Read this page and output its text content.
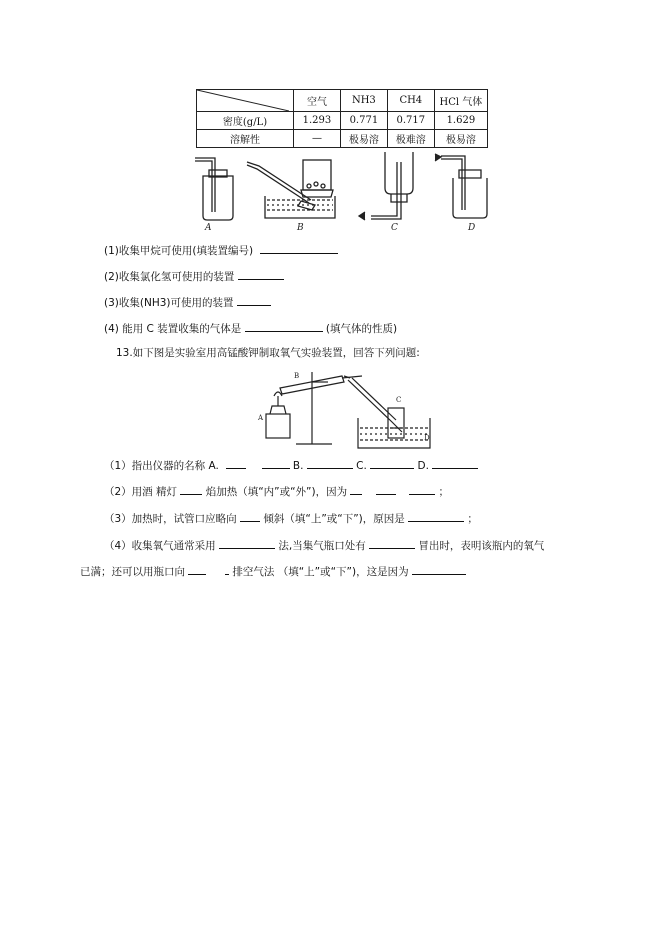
	空气	NH3	CH4	HCl 气体
密度(g/L)	1.293	0.771	0.717	1.629
溶解性	—	极易溶	极难溶	极易溶
A	B	C	D
(1)收集甲烷可使用(填装置编号)
(2)收集氯化氢可使用的装置
(3)收集(NH3)可使用的装置
(4) 能用 C 装置收集的气体是	(填气体的性质)
13.如下图是实验室用高锰酸钾制取氧气实验装置，回答下列问题:
A
B
C
D
（1）指出仪器的名称 A.	B.	C.	D.
（2）用酒 精灯	焰加热（填“内”或“外”)，因为	；
（3）加热时，试管口应略向	倾斜（填“上”或“下”)，原因是	；
（4）收集氧气通常采用	法,当集气瓶口处有	冒出时，表明该瓶内的氧气
已满；还可以用瓶口向	排空气法 （填“上”或“下”)，这是因为
